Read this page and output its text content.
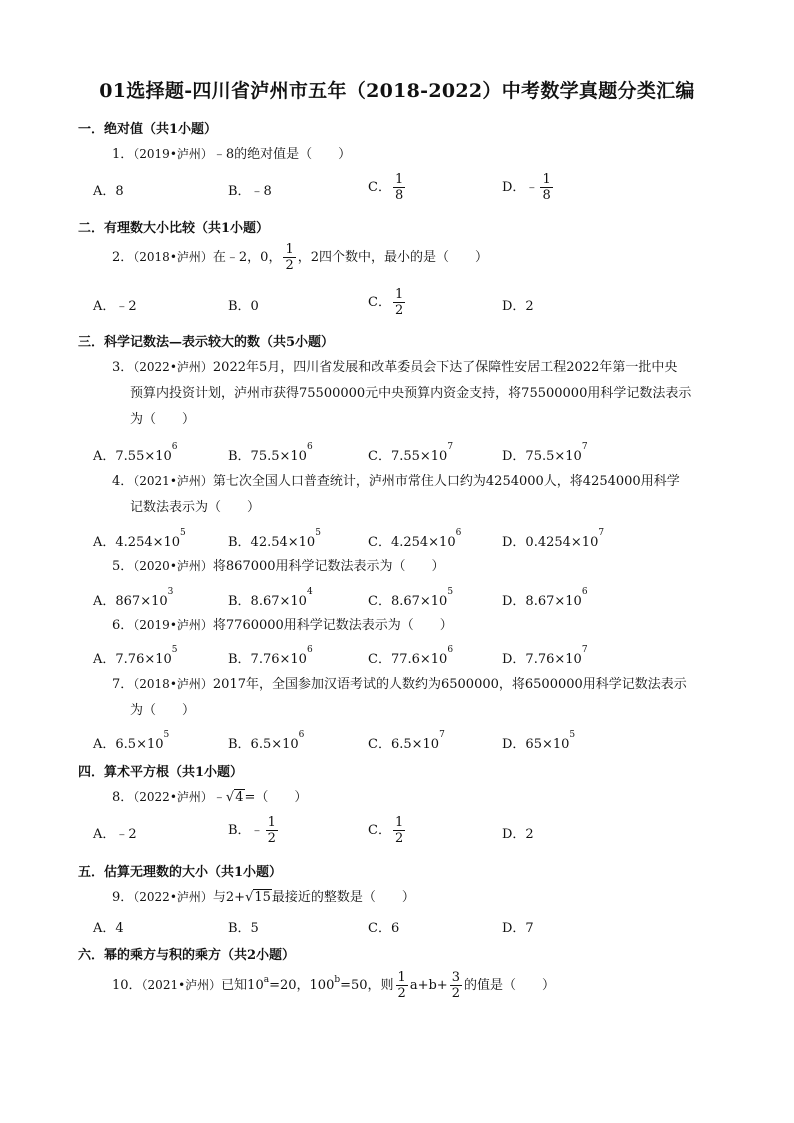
01选择题-四川省泸州市五年（2018-2022）中考数学真题分类汇编
一．绝对值（共1小题）
1．（2019•泸州）﹣8的绝对值是（　　）
A．8	B．﹣8	C． $\frac{1}{8}$	D．﹣ $\frac{1}{8}$
二．有理数大小比较（共1小题）
2．（2018•泸州）在﹣2，0， $\frac{1}{2}$ ，2四个数中，最小的是（　　）
A．﹣2	B．0	C． $\frac{1}{2}$	D．2
三．科学记数法—表示较大的数（共5小题）
3．（2022•泸州）2022年5月，四川省发展和改革委员会下达了保障性安居工程2022年第一批中央
预算内投资计划，泸州市获得75500000元中央预算内资金支持，将75500000用科学记数法表示
为（　　）
A．$7.55\times 10^6$
B．$75.5\times 10^6$
C．$7.55\times 10^7$
D．$75.5\times 10^7$
4．（2021•泸州）第七次全国人口普查统计，泸州市常住人口约为4254000人，将4254000用科学
记数法表示为（　　）
A．$4.254\times 10^5$
B．$42.54\times 10^5$
C．$4.254\times 10^6$
D．$0.4254\times 10^7$
5．（2020•泸州）将867000用科学记数法表示为（　　）
A．$867\times 10^3$
B．$8.67\times 10^4$
C．$8.67\times 10^5$
D．$8.67\times 10^6$
6．（2019•泸州）将7760000用科学记数法表示为（　　）
A．$7.76\times 10^5$
B．$7.76\times 10^6$
C．$77.6\times 10^6$
D．$7.76\times 10^7$
7．（2018•泸州）2017年，全国参加汉语考试的人数约为6500000，将6500000用科学记数法表示
为（　　）
A．$6.5\times 10^5$
B．$6.5\times 10^6$
C．$6.5\times 10^7$
D．$65\times 10^5$
四．算术平方根（共1小题）
8．（2022•泸州）﹣√4=（　　）
A．﹣2	B．﹣ $\frac{1}{2}$	C． $\frac{1}{2}$	D．2
五．估算无理数的大小（共1小题）
9．（2022•泸州）与2+√15最接近的整数是（　　）
A．4	B．5	C．6	D．7
六．幂的乘方与积的乘方（共2小题）
10．（2021•泸州）已知$10^a=20$，$100^b=50$，则 $\frac{1}{2} a+b+ \frac{3}{2}$ 的值是（　　）
